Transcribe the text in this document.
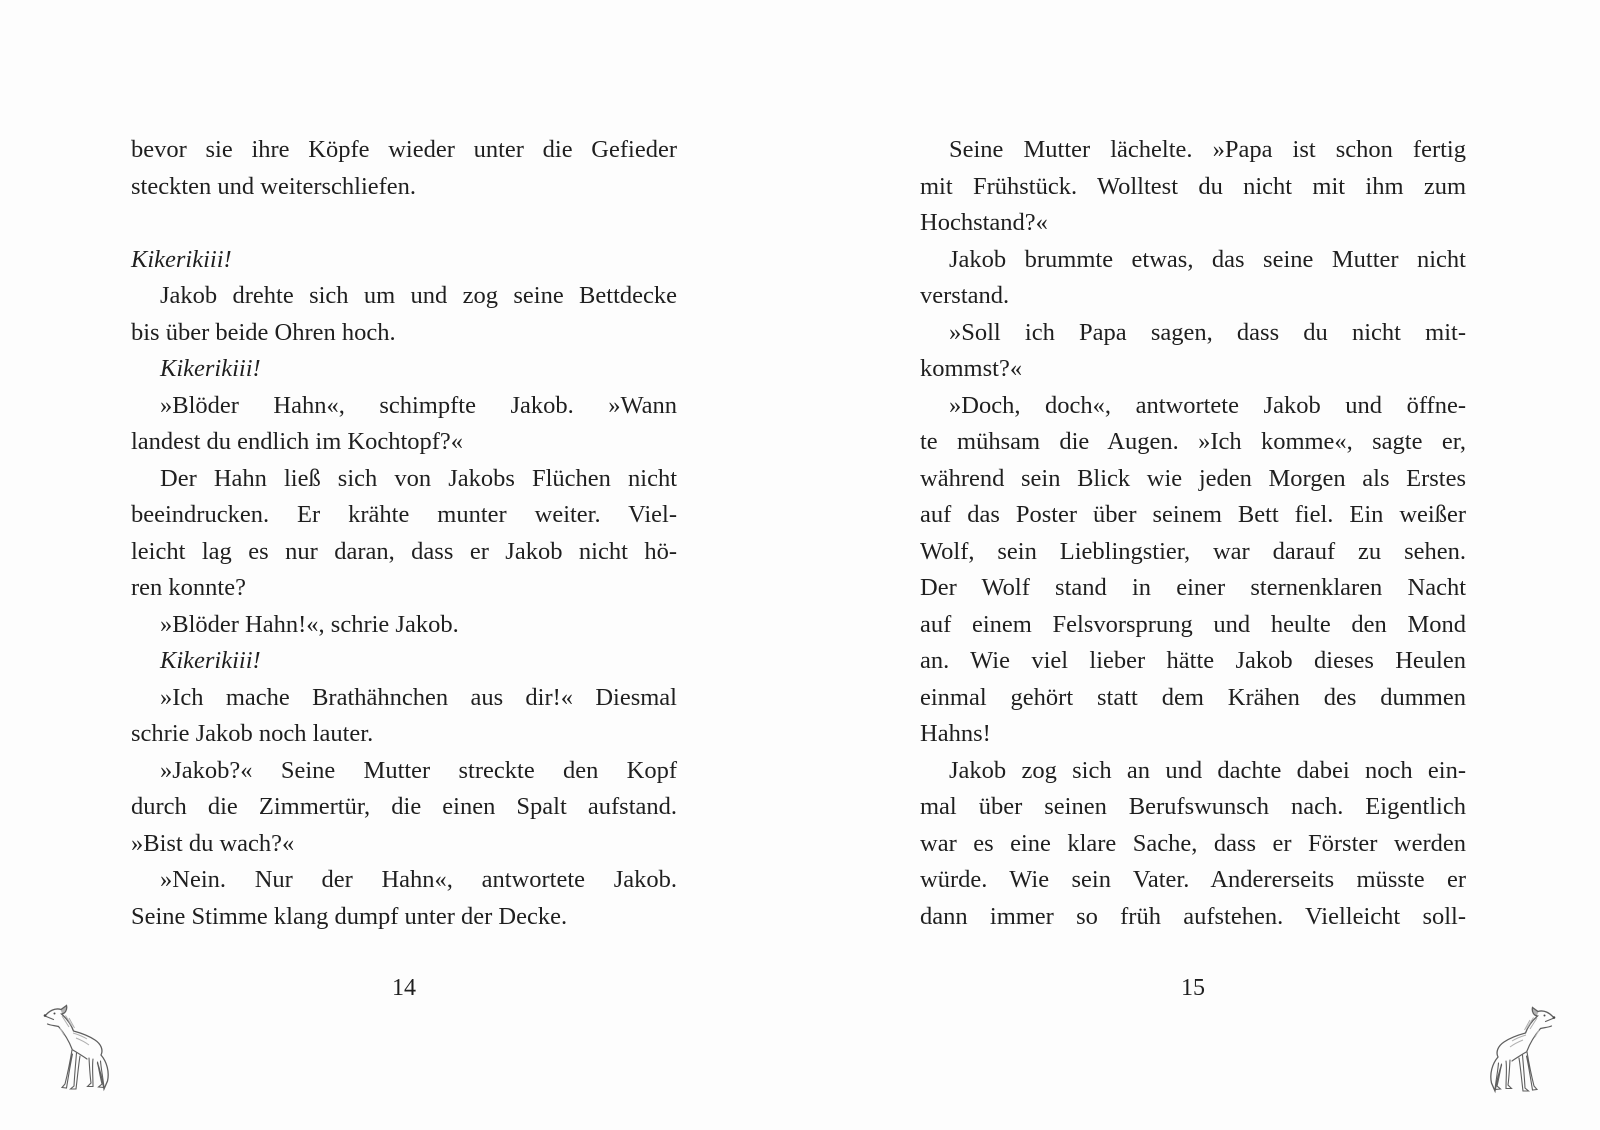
bevor sie ihre Köpfe wieder unter die Gefieder
steckten und weiterschliefen.
Kikerikiii!
Jakob drehte sich um und zog seine Bettdecke
bis über beide Ohren hoch.
Kikerikiii!
»Blöder Hahn«, schimpfte Jakob. »Wann
landest du endlich im Kochtopf?«
Der Hahn ließ sich von Jakobs Flüchen nicht
beeindrucken. Er krähte munter weiter. Viel-
leicht lag es nur daran, dass er Jakob nicht hö-
ren konnte?
»Blöder Hahn!«, schrie Jakob.
Kikerikiii!
»Ich mache Brathähnchen aus dir!« Diesmal
schrie Jakob noch lauter.
»Jakob?« Seine Mutter streckte den Kopf
durch die Zimmertür, die einen Spalt aufstand.
»Bist du wach?«
»Nein. Nur der Hahn«, antwortete Jakob.
Seine Stimme klang dumpf unter der Decke.
Seine Mutter lächelte. »Papa ist schon fertig
mit Frühstück. Wolltest du nicht mit ihm zum
Hochstand?«
Jakob brummte etwas, das seine Mutter nicht
verstand.
»Soll ich Papa sagen, dass du nicht mit-
kommst?«
»Doch, doch«, antwortete Jakob und öffne-
te mühsam die Augen. »Ich komme«, sagte er,
während sein Blick wie jeden Morgen als Erstes
auf das Poster über seinem Bett fiel. Ein weißer
Wolf, sein Lieblingstier, war darauf zu sehen.
Der Wolf stand in einer sternenklaren Nacht
auf einem Felsvorsprung und heulte den Mond
an. Wie viel lieber hätte Jakob dieses Heulen
einmal gehört statt dem Krähen des dummen
Hahns!
Jakob zog sich an und dachte dabei noch ein-
mal über seinen Berufswunsch nach. Eigentlich
war es eine klare Sache, dass er Förster werden
würde. Wie sein Vater. Andererseits müsste er
dann immer so früh aufstehen. Vielleicht soll-
14	15
